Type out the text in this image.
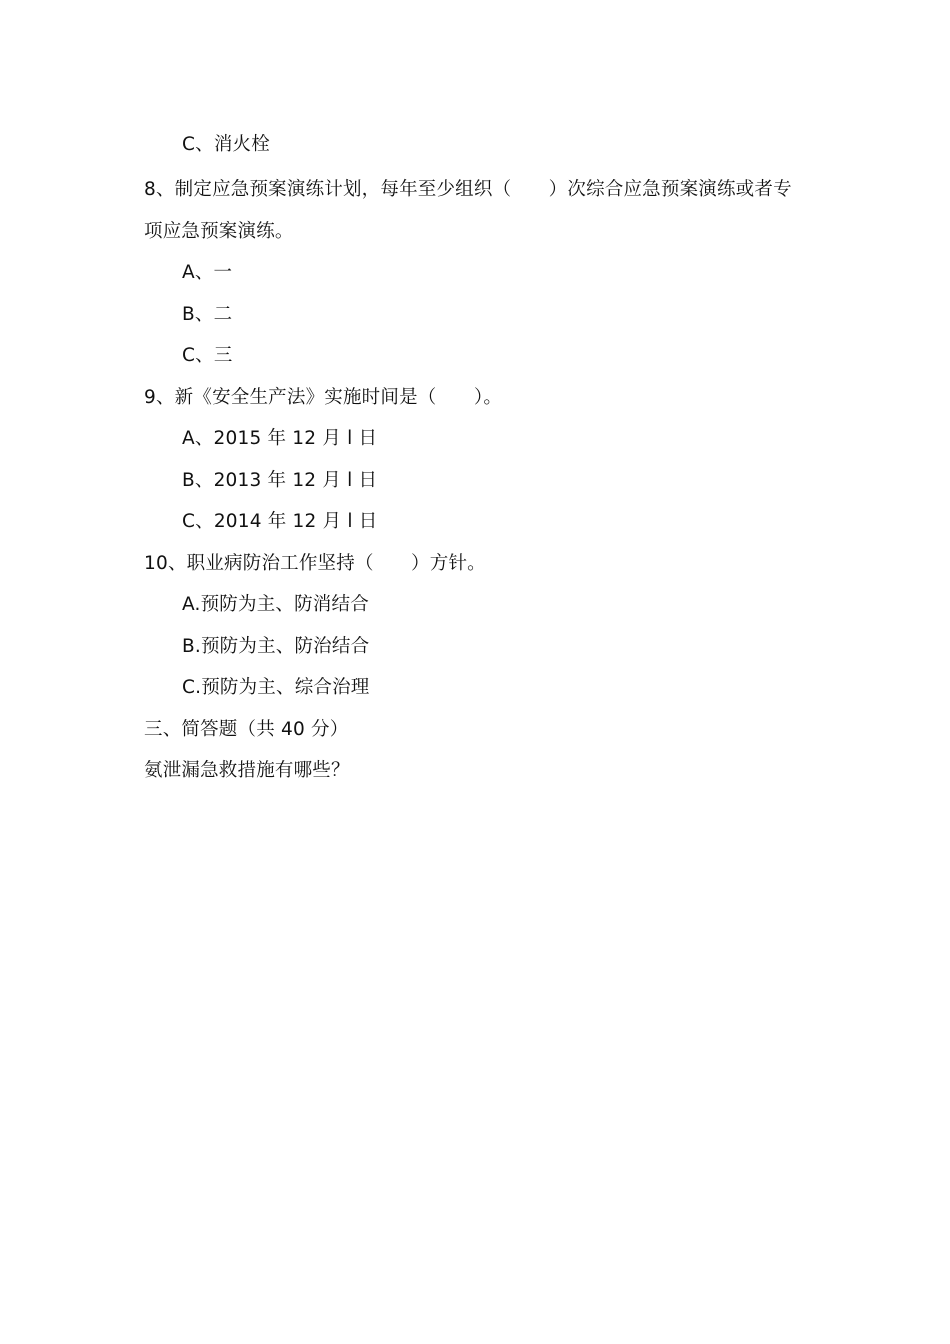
C、消火栓
8、制定应急预案演练计划，每年至少组织（　　）次综合应急预案演练或者专
项应急预案演练。
A、一
B、二
C、三
9、新《安全生产法》实施时间是（　　）。
A、2015 年 12 月 l 日
B、2013 年 12 月 l 日
C、2014 年 12 月 l 日
10、职业病防治工作坚持（　　）方针。
A.预防为主、防消结合
B.预防为主、防治结合
C.预防为主、综合治理
三、简答题（共 40 分）
氨泄漏急救措施有哪些？
